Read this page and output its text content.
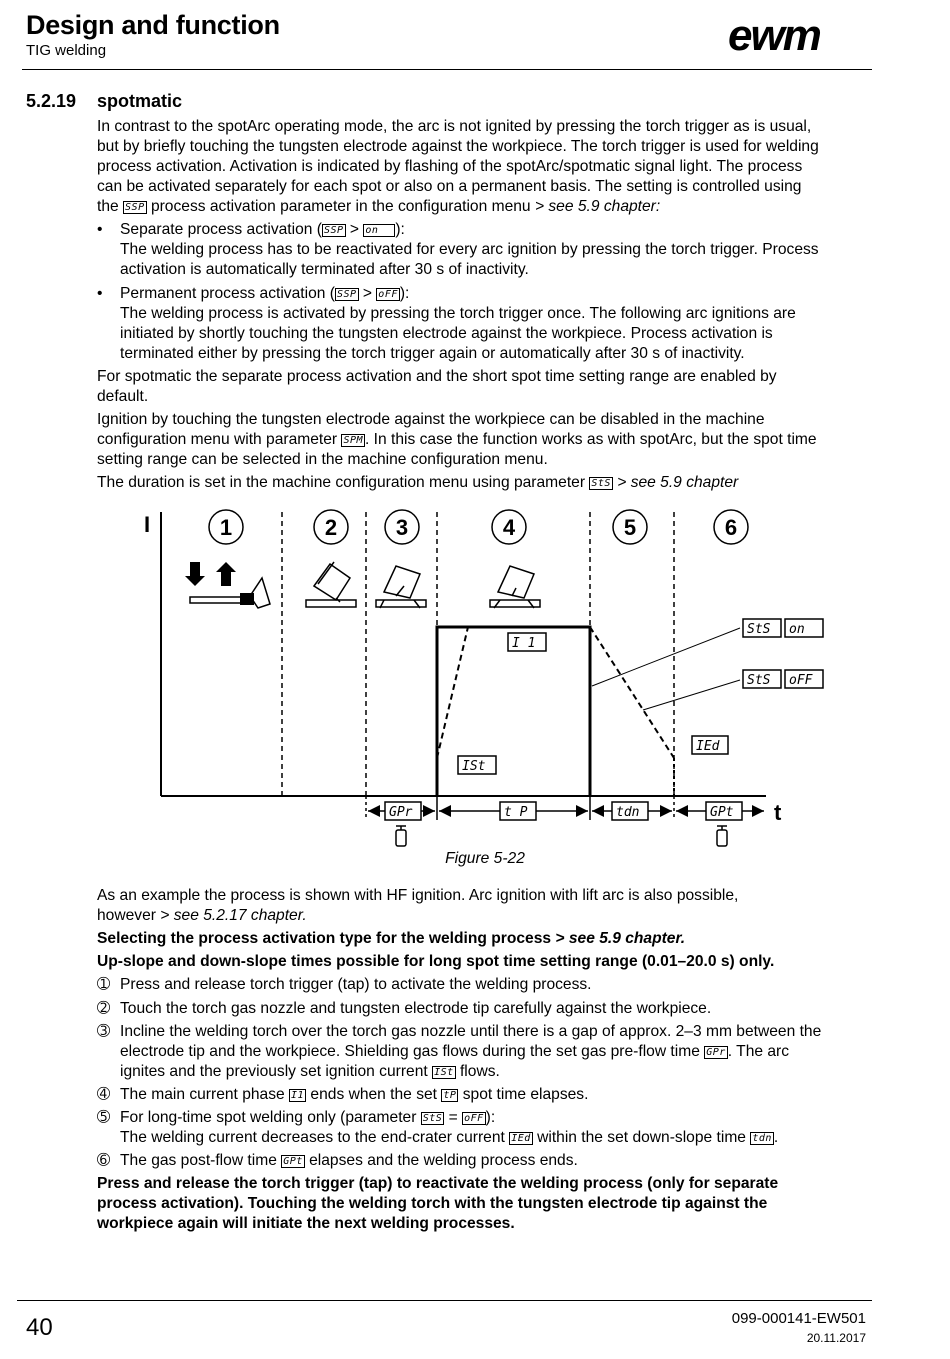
Design and function
TIG welding	ewm
5.2.19 spotmatic
In contrast to the spotArc operating mode, the arc is not ignited by pressing the torch trigger as is usual,
but by briefly touching the tungsten electrode against the workpiece. The torch trigger is used for welding
process activation. Activation is indicated by flashing of the spotArc/spotmatic signal light. The process
can be activated separately for each spot or also on a permanent basis. The setting is controlled using
the SSP process activation parameter in the configuration menu > see 5.9 chapter:
• Separate process activation ( SSP > on ):
The welding process has to be reactivated for every arc ignition by pressing the torch trigger. Process
activation is automatically terminated after 30 s of inactivity.
• Permanent process activation ( SSP > oFF ):
The welding process is activated by pressing the torch trigger once. The following arc ignitions are
initiated by shortly touching the tungsten electrode against the workpiece. Process activation is
terminated either by pressing the torch trigger again or automatically after 30 s of inactivity.
For spotmatic the separate process activation and the short spot time setting range are enabled by
default.
Ignition by touching the tungsten electrode against the workpiece can be disabled in the machine
configuration menu with parameter SPM . In this case the function works as with spotArc, but the spot time
setting range can be selected in the machine configuration menu.
The duration is set in the machine configuration menu using parameter StS > see 5.9 chapter
I
t
1	2	3	4	5	6
StS on
StS oFF
IEd
ISt
I 1
GPr	t P	tdn	GPt
Figure 5-22
As an example the process is shown with HF ignition. Arc ignition with lift arc is also possible,
however > see 5.2.17 chapter.
Selecting the process activation type for the welding process > see 5.9 chapter.
Up-slope and down-slope times possible for long spot time setting range (0.01–20.0 s) only.
➀ Press and release torch trigger (tap) to activate the welding process.
➁ Touch the torch gas nozzle and tungsten electrode tip carefully against the workpiece.
➂ Incline the welding torch over the torch gas nozzle until there is a gap of approx. 2–3 mm between the
electrode tip and the workpiece. Shielding gas flows during the set gas pre-flow time GPr . The arc
ignites and the previously set ignition current ISt flows.
➃ The main current phase I1 ends when the set tP spot time elapses.
➄ For long-time spot welding only (parameter StS = oFF ):
The welding current decreases to the end-crater current IEd within the set down-slope time tdn .
➅ The gas post-flow time GPt elapses and the welding process ends.
Press and release the torch trigger (tap) to reactivate the welding process (only for separate
process activation). Touching the welding torch with the tungsten electrode tip against the
workpiece again will initiate the next welding processes.
40	099-000141-EW501
20.11.2017
